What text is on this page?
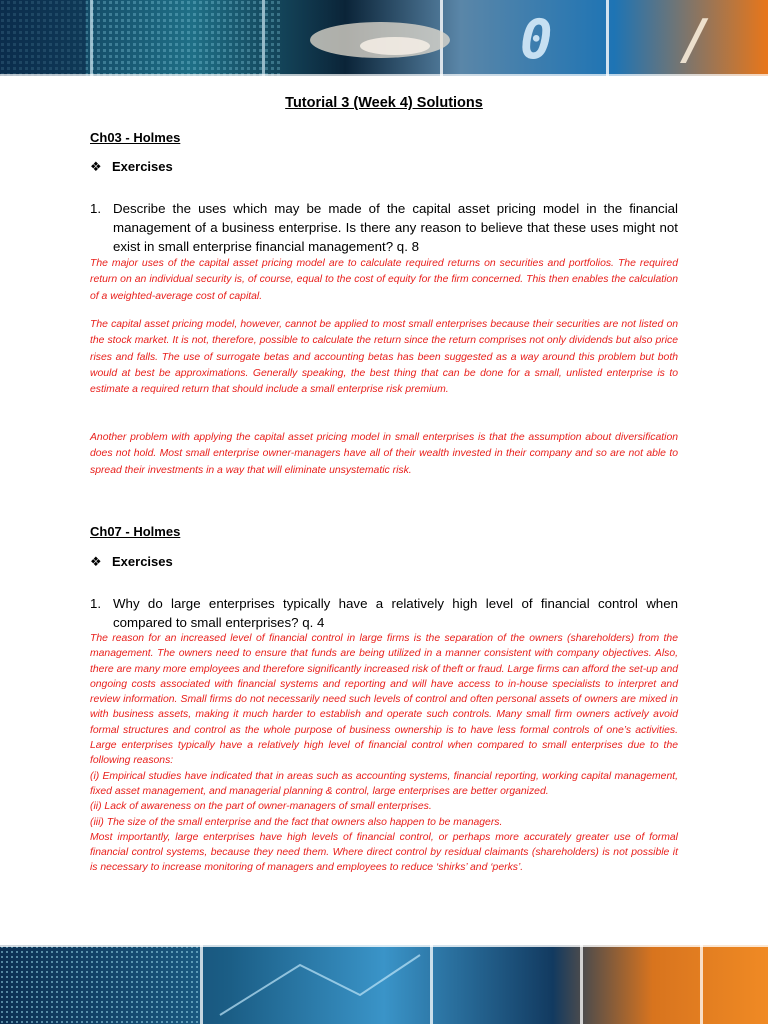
0 /
Tutorial 3 (Week 4) Solutions

Ch03 - Holmes

❖ Exercises

1. Describe the uses which may be made of the capital asset pricing model in the financial management of a business enterprise. Is there any reason to believe that these uses might not exist in small enterprise financial management? q. 8

The major uses of the capital asset pricing model are to calculate required returns on securities and portfolios. The required return on an individual security is, of course, equal to the cost of equity for the firm concerned. This then enables the calculation of a weighted-average cost of capital.

The capital asset pricing model, however, cannot be applied to most small enterprises because their securities are not listed on the stock market. It is not, therefore, possible to calculate the return since the return comprises not only dividends but also price rises and falls. The use of surrogate betas and accounting betas has been suggested as a way around this problem but both would at best be approximations. Generally speaking, the best thing that can be done for a small, unlisted enterprise is to estimate a required return that should include a small enterprise risk premium.

Another problem with applying the capital asset pricing model in small enterprises is that the assumption about diversification does not hold. Most small enterprise owner-managers have all of their wealth invested in their company and so are not able to spread their investments in a way that will eliminate unsystematic risk.

Ch07 - Holmes

❖ Exercises

1. Why do large enterprises typically have a relatively high level of financial control when compared to small enterprises? q. 4

The reason for an increased level of financial control in large firms is the separation of the owners (shareholders) from the management. The owners need to ensure that funds are being utilized in a manner consistent with company objectives. Also, there are many more employees and therefore significantly increased risk of theft or fraud. Large firms can afford the set-up and ongoing costs associated with financial systems and reporting and will have access to in-house specialists to interpret and review information. Small firms do not necessarily need such levels of control and often personal assets of owners are mixed in with business assets, making it much harder to establish and operate such controls. Many small firm owners actively avoid formal structures and control as the whole purpose of business ownership is to have less formal controls of one’s activities. Large enterprises typically have a relatively high level of financial control when compared to small enterprises due to the following reasons:

(i) Empirical studies have indicated that in areas such as accounting systems, financial reporting, working capital management, fixed asset management, and managerial planning & control, large enterprises are better organized.

(ii) Lack of awareness on the part of owner-managers of small enterprises.

(iii) The size of the small enterprise and the fact that owners also happen to be managers.

Most importantly, large enterprises have high levels of financial control, or perhaps more accurately greater use of formal financial control systems, because they need them. Where direct control by residual claimants (shareholders) is not possible it is necessary to increase monitoring of managers and employees to reduce ‘shirks’ and ‘perks’.
